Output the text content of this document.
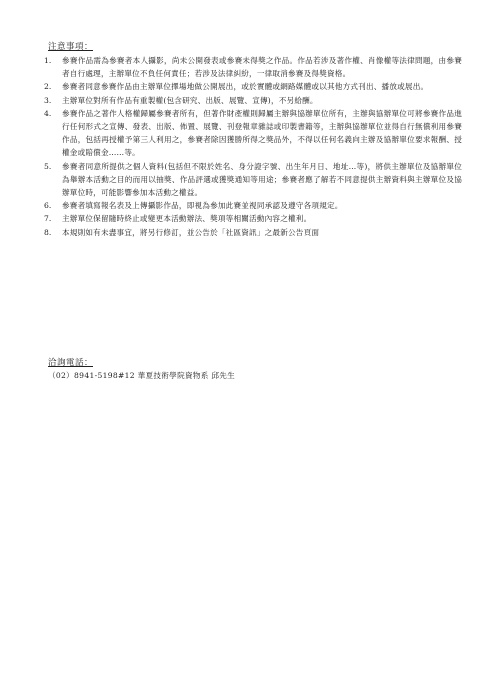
注意事項：
1.	參賽作品需為參賽者本人攝影，尚未公開發表或參賽未得獎之作品。作品若涉及著作權、肖像權等法律問題，由參賽者自行處理，主辦單位不負任何責任；若涉及法律糾紛，一律取消參賽及得獎資格。
2.	參賽者同意參賽作品由主辦單位擇場地做公開展出，或於實體或網路媒體或以其他方式刊出、播放或展出。
3.	主辦單位對所有作品有重製權(包含研究、出版、展覽、宣傳)，不另給酬。
4.	參賽作品之著作人格權歸屬參賽者所有，但著作財產權則歸屬主辦與協辦單位所有，主辦與協辦單位可將參賽作品進行任何形式之宣傳、發表、出版、佈置、展覽、刊登報章雜誌或印製書籍等，主辦與協辦單位並得自行無償利用參賽作品，包括再授權予第三人利用之，參賽者除因獲勝所得之獎品外，不得以任何名義向主辦及協辦單位要求報酬、授權金或賠償金……等。
5.	參賽者同意所提供之個人資料(包括但不限於姓名、身分證字號、出生年月日、地址…等)，將供主辦單位及協辦單位為舉辦本活動之目的而用以抽獎、作品評選或獲獎通知等用途；參賽者應了解若不同意提供主辦資料與主辦單位及協辦單位時，可能影響參加本活動之權益。
6.	參賽者填寫報名表及上傳攝影作品，即視為參加此賽並視同承認及遵守各項規定。
7.	主辦單位保留隨時終止或變更本活動辦法、獎項等相關活動內容之權利。
8.	本規則如有未盡事宜，將另行修訂，並公告於「社區資訊」之最新公告頁面
洽詢電話：
（02）8941-5198#12 華夏技術學院資物系 邱先生
